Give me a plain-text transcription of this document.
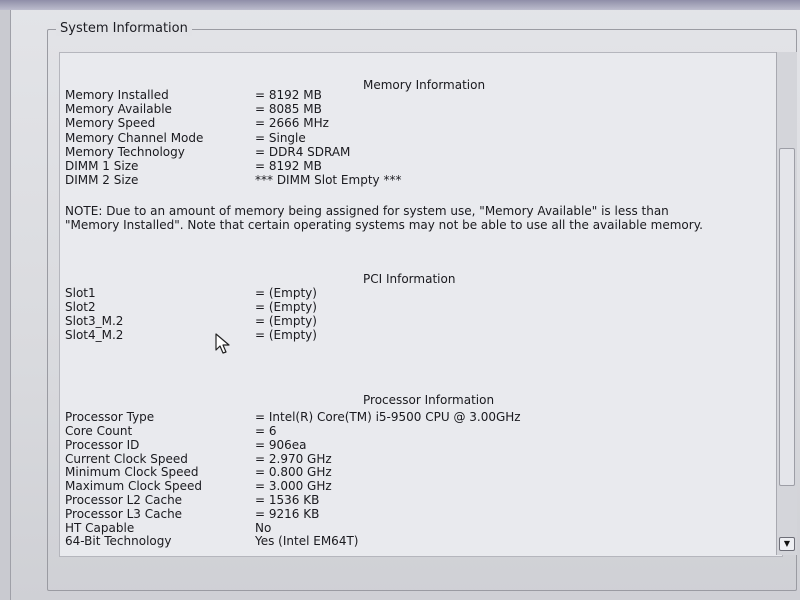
System Information
Memory Information
Memory Installed	= 8192 MB
Memory Available	= 8085 MB
Memory Speed	= 2666 MHz
Memory Channel Mode	= Single
Memory Technology	= DDR4 SDRAM
DIMM 1 Size	= 8192 MB
DIMM 2 Size	*** DIMM Slot Empty ***
NOTE: Due to an amount of memory being assigned for system use, "Memory Available" is less than "Memory Installed". Note that certain operating systems may not be able to use all the available memory.
PCI Information
Slot1	= (Empty)
Slot2	= (Empty)
Slot3_M.2	= (Empty)
Slot4_M.2	= (Empty)
Processor Information
Processor Type	= Intel(R) Core(TM) i5-9500 CPU @ 3.00GHz
Core Count	= 6
Processor ID	= 906ea
Current Clock Speed	= 2.970 GHz
Minimum Clock Speed	= 0.800 GHz
Maximum Clock Speed	= 3.000 GHz
Processor L2 Cache	= 1536 KB
Processor L3 Cache	= 9216 KB
HT Capable	No
64-Bit Technology	Yes (Intel EM64T)	▼
